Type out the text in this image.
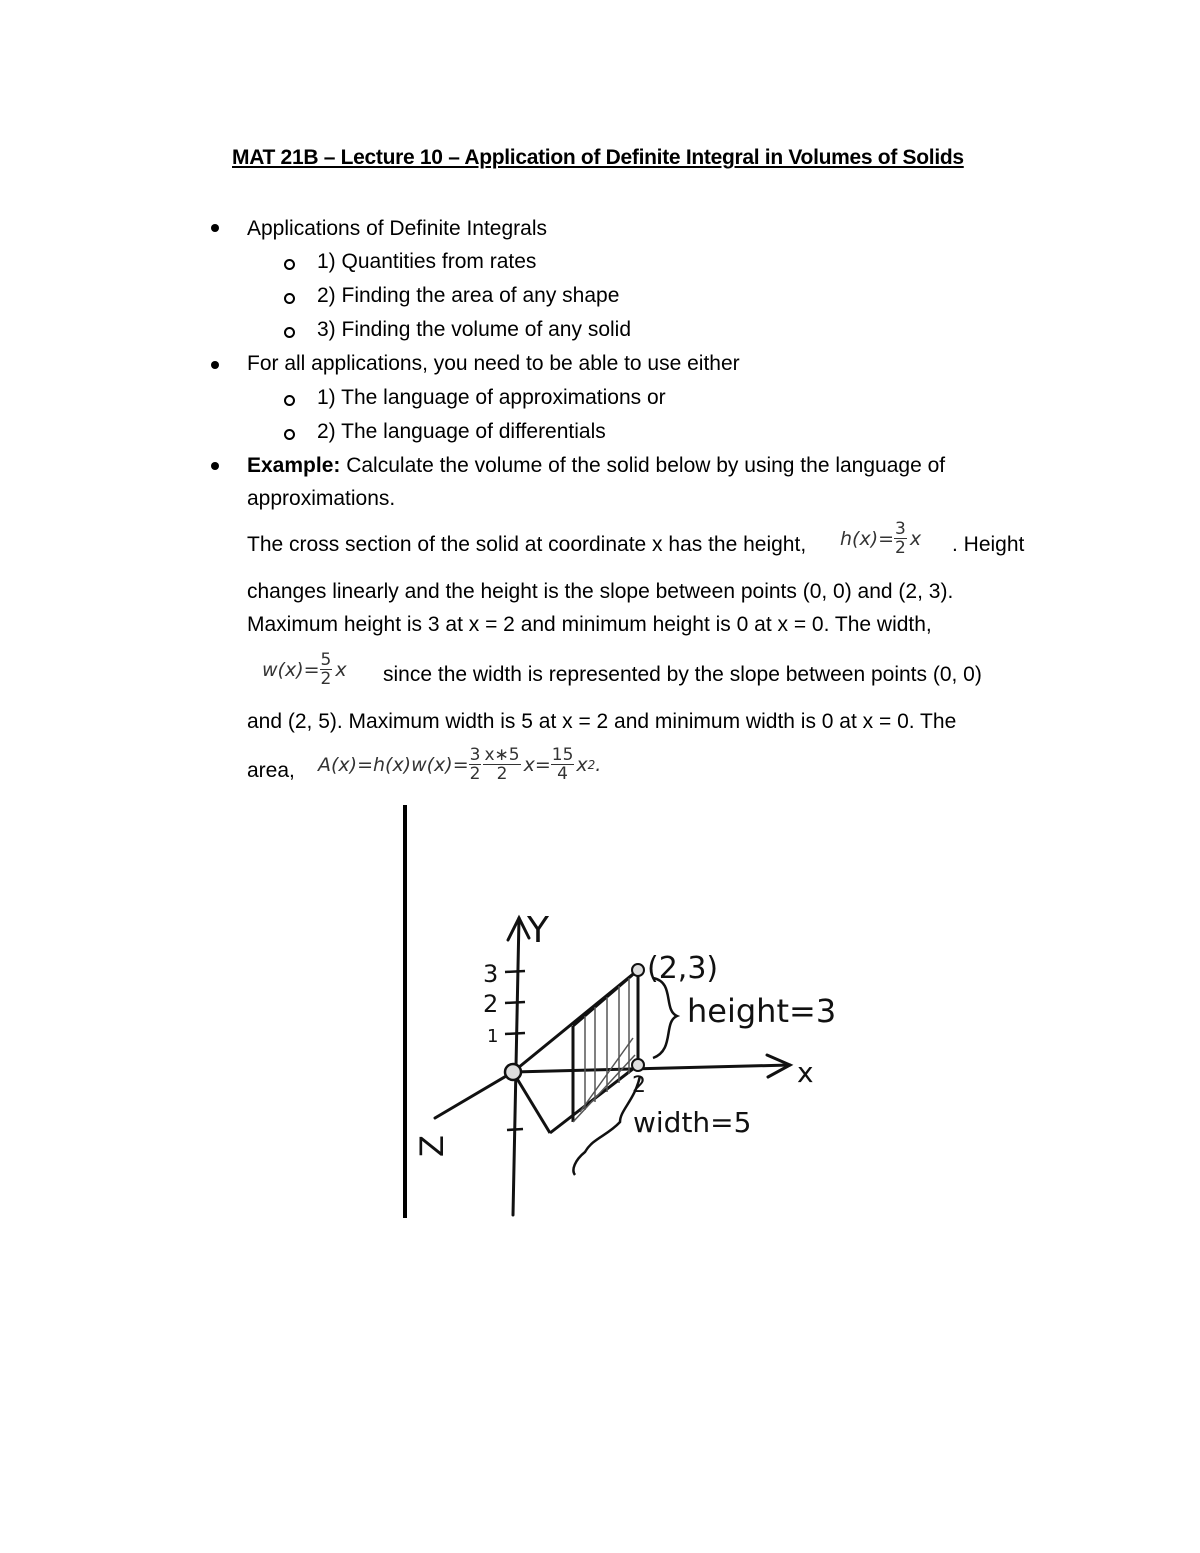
MAT 21B – Lecture 10 – Application of Definite Integral in Volumes of Solids
Applications of Definite Integrals
1) Quantities from rates
2) Finding the area of any shape
3) Finding the volume of any solid
For all applications, you need to be able to use either
1) The language of approximations or
2) The language of differentials
Example: Calculate the volume of the solid below by using the language of
approximations.
The cross section of the solid at coordinate x has the height, $h(x)= \frac{3}{2}$ x . Height
changes linearly and the height is the slope between points (0, 0) and (2, 3).
Maximum height is 3 at x = 2 and minimum height is 0 at x = 0. The width,
$w(x)= \frac{5}{2}$ x since the width is represented by the slope between points (0, 0)
and (2, 5). Maximum width is 5 at x = 2 and minimum width is 0 at x = 0. The
area, $A(x)=h(x)w(x)= \frac{3}{2} \frac{x∗5}{2} x= \frac{15}{4}$ x 2 .
Y
x
Z
3
2
1
2
(2,3)
height=3
width=5
